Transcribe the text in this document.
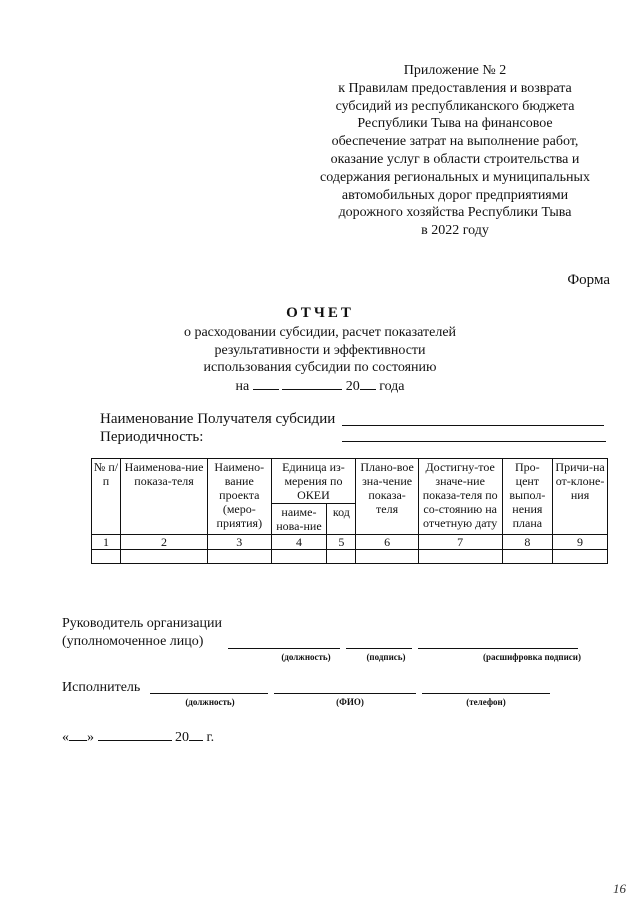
Приложение № 2
к Правилам предоставления и возврата
субсидий из республиканского бюджета
Республики Тыва на финансовое
обеспечение затрат на выполнение работ,
оказание услуг в области строительства и
содержания региональных и муниципальных
автомобильных дорог предприятиями
дорожного хозяйства Республики Тыва
в 2022 году
Форма
ОТЧЕТ
о расходовании субсидии, расчет показателей
результативности и эффективности
использования субсидии по состоянию
на	20 года
Наименование Получателя субсидии
Периодичность:
№ п/п	Наименова-ние показа-теля	Наимено-вание проекта (меро-приятия)	Единица из-мерения по ОКЕИ		Плано-вое зна-чение показа-теля	Достигну-тое значе-ние показа-теля по со-стоянию на отчетную дату	Про-цент выпол-нения плана	Причи-на от-клоне-ния
			наиме-нова-ние	код				
1	2	3	4	5	6	7	8	9

Руководитель организации
(уполномоченное лицо)
(должность)	(подпись)	(расшифровка подписи)
Исполнитель
(должность)	(ФИО)	(телефон)
« »	20 г.
16
